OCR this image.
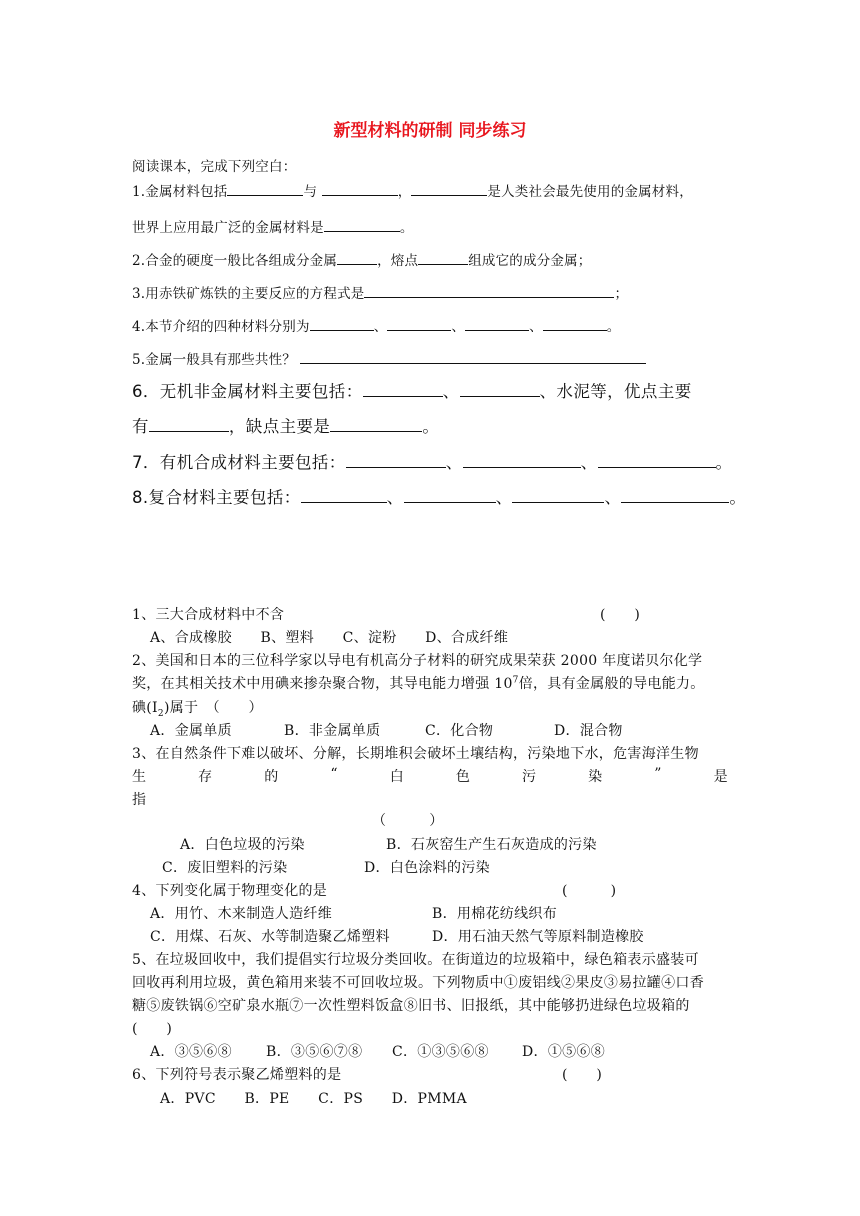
新型材料的研制 同步练习
阅读课本，完成下列空白：
1.金属材料包括	与	，	是人类社会最先使用的金属材料，
世界上应用最广泛的金属材料是	。
2.合金的硬度一般比各组成分金属	，熔点	组成它的成分金属；
3.用赤铁矿炼铁的主要反应的方程式是	；
4.本节介绍的四种材料分别为	、	、	、	。
5.金属一般具有那些共性？
6．无机非金属材料主要包括：	、	、水泥等，优点主要
有	，缺点主要是	。
7．有机合成材料主要包括：	、	、	。
8.复合材料主要包括：	、	、	、	。
1、三大合成材料中不含	(　　)
A、合成橡胶　　B、塑料　　C、淀粉　　D、合成纤维
2、美国和日本的三位科学家以导电有机高分子材料的研究成果荣获 2000 年度诺贝尔化学
奖，在其相关技术中用碘来掺杂聚合物，其导电能力增强 $10^7$倍，具有金属般的导电能力。
碘$(I_2)$属于　（　　）
A．金属单质	B．非金属单质	C．化合物	D．混合物
3、在自然条件下难以破坏、分解，长期堆积会破坏土壤结构，污染地下水，危害海洋生物
生	存	的	“	白	色	污	染	”	是
指
（　　　）
A．白色垃圾的污染	B．石灰窑生产生石灰造成的污染
C．废旧塑料的污染	D．白色涂料的污染
4、下列变化属于物理变化的是	(　　　)
A．用竹、木来制造人造纤维	B．用棉花纺线织布
C．用煤、石灰、水等制造聚乙烯塑料	D．用石油天然气等原料制造橡胶
5、在垃圾回收中，我们提倡实行垃圾分类回收。在街道边的垃圾箱中，绿色箱表示盛装可
回收再利用垃圾，黄色箱用来装不可回收垃圾。下列物质中①废铝线②果皮③易拉罐④口香
糖⑤废铁锅⑥空矿泉水瓶⑦一次性塑料饭盒⑧旧书、旧报纸，其中能够扔进绿色垃圾箱的
(　　)
A．③⑤⑥⑧ B．③⑤⑥⑦⑧ C．①③⑤⑥⑧ D．①⑤⑥⑧
6、下列符号表示聚乙烯塑料的是	(　　)
A．PVC　　B．PE　　C．PS　　D．PMMA
